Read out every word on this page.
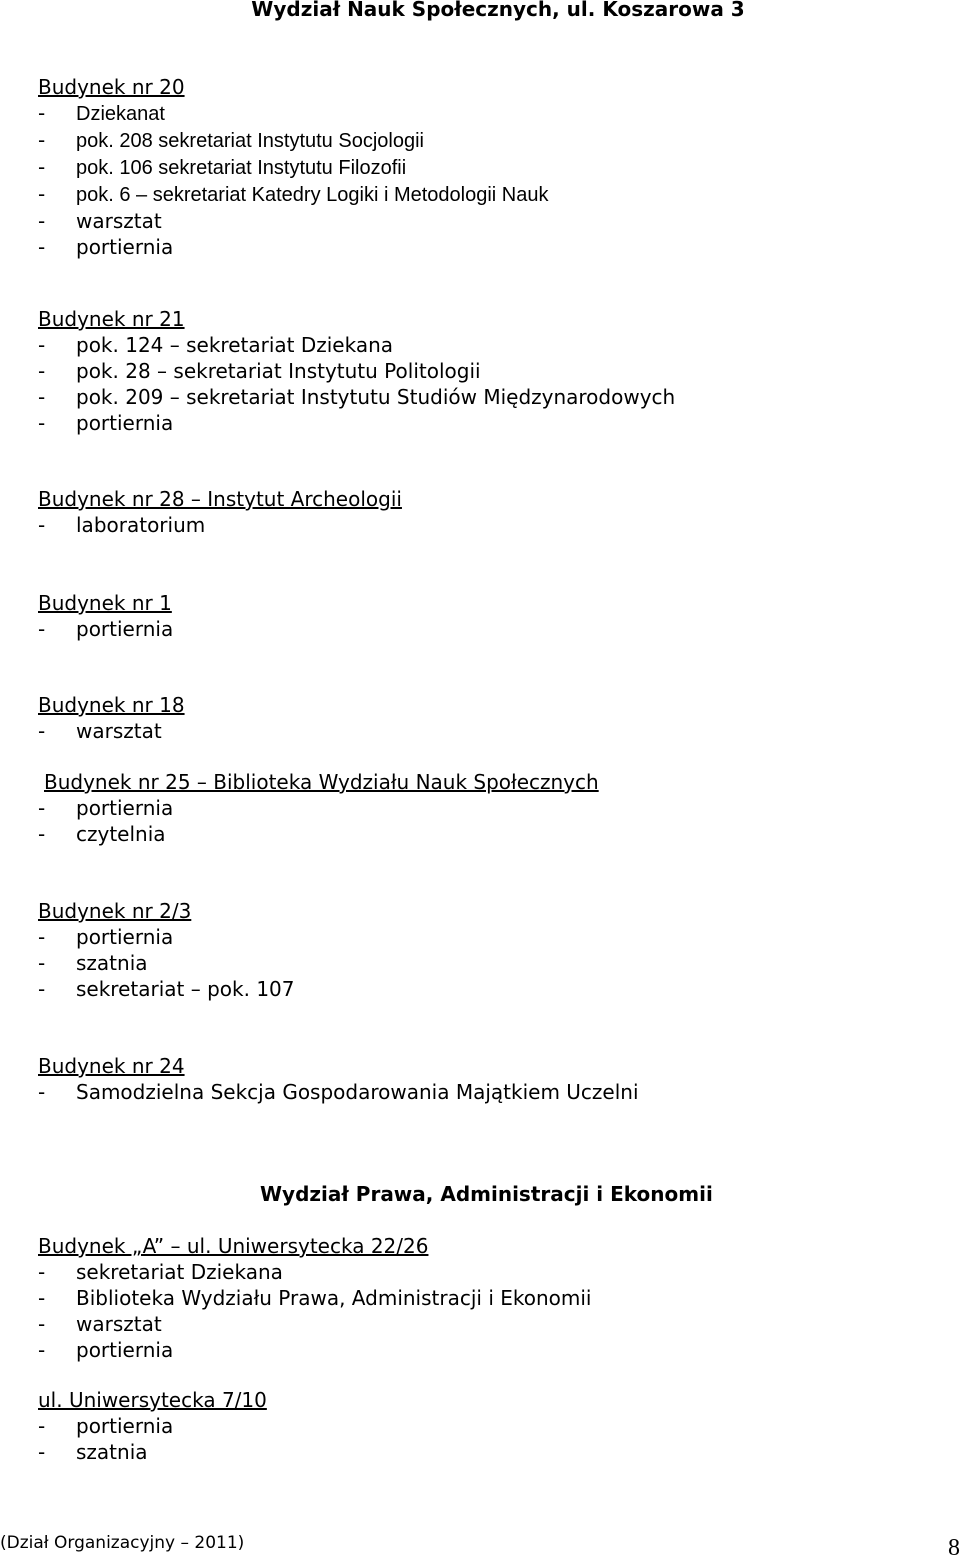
Wydział Nauk Społecznych, ul. Koszarowa 3
Budynek nr 20
- Dziekanat
- pok. 208 sekretariat Instytutu Socjologii
- pok. 106 sekretariat Instytutu Filozofii
- pok. 6 – sekretariat Katedry Logiki i Metodologii Nauk
- warsztat
- portiernia
Budynek nr 21
- pok. 124 – sekretariat Dziekana
- pok. 28 – sekretariat Instytutu Politologii
- pok. 209 – sekretariat Instytutu Studiów Międzynarodowych
- portiernia
Budynek nr 28 – Instytut Archeologii
- laboratorium
Budynek nr 1
- portiernia
Budynek nr 18
- warsztat
Budynek nr 25 – Biblioteka Wydziału Nauk Społecznych
- portiernia
- czytelnia
Budynek nr 2/3
- portiernia
- szatnia
- sekretariat – pok. 107
Budynek nr 24
- Samodzielna Sekcja Gospodarowania Majątkiem Uczelni
Wydział Prawa, Administracji i Ekonomii
Budynek „A” – ul. Uniwersytecka 22/26
- sekretariat Dziekana
- Biblioteka Wydziału Prawa, Administracji i Ekonomii
- warsztat
- portiernia
ul. Uniwersytecka 7/10
- portiernia
- szatnia
(Dział Organizacyjny – 2011)	8
